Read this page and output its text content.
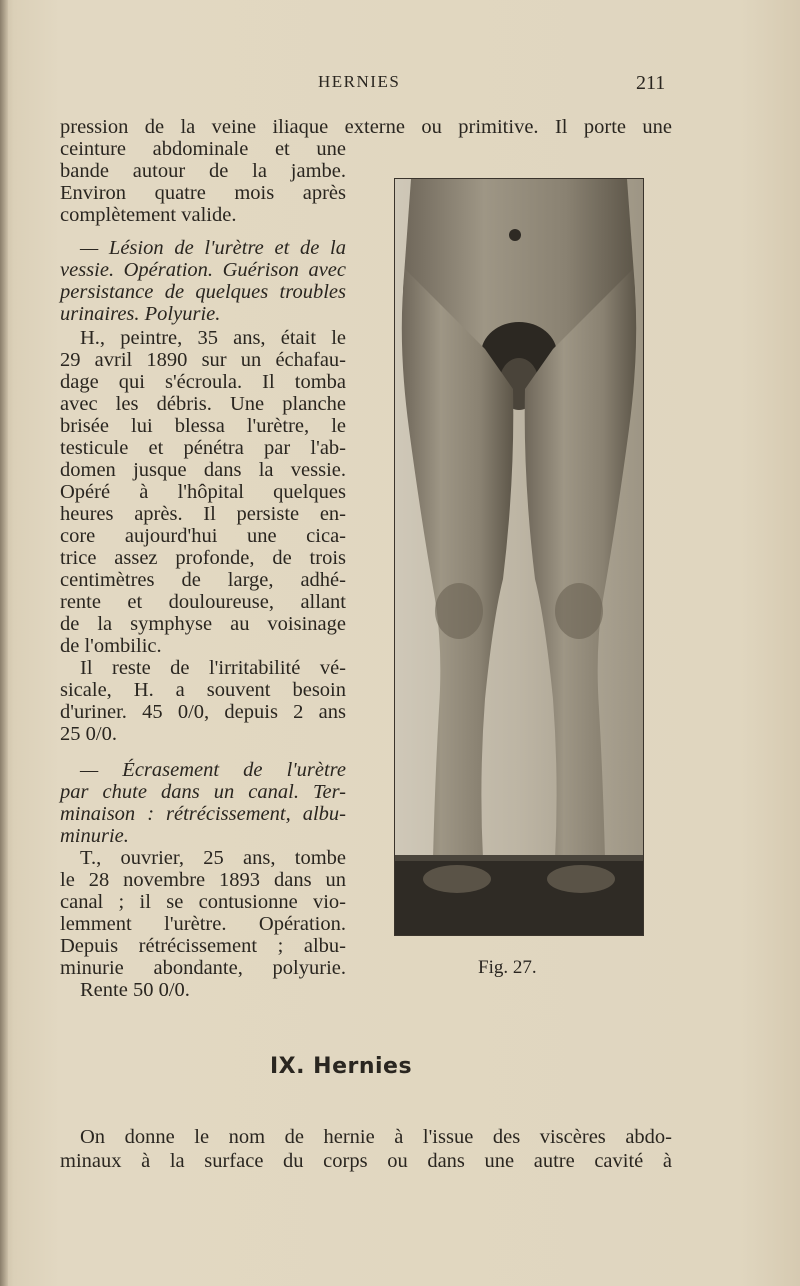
HERNIES	211
pression de la veine iliaque externe ou primitive. Il porte une
ceinture abdominale et une
bande autour de la jambe.
Environ quatre mois après
complètement valide.
— Lésion de l'urètre et de la
vessie. Opération. Guérison avec
persistance de quelques troubles
urinaires. Polyurie.
H., peintre, 35 ans, était le
29 avril 1890 sur un échafau-
dage qui s'écroula. Il tomba
avec les débris. Une planche
brisée lui blessa l'urètre, le
testicule et pénétra par l'ab-
domen jusque dans la vessie.
Opéré à l'hôpital quelques
heures après. Il persiste en-
core aujourd'hui une cica-
trice assez profonde, de trois
centimètres de large, adhé-
rente et douloureuse, allant
de la symphyse au voisinage
de l'ombilic.
Il reste de l'irritabilité vé-
sicale, H. a souvent besoin
d'uriner. 45 0/0, depuis 2 ans
25 0/0.
— Écrasement de l'urètre
par chute dans un canal. Ter-
minaison : rétrécissement, albu-
minurie.
T., ouvrier, 25 ans, tombe
le 28 novembre 1893 dans un
canal ; il se contusionne vio-
lemment l'urètre. Opération.
Depuis rétrécissement ; albu-
minurie abondante, polyurie.
Rente 50 0/0.
Fig. 27.
IX. Hernies
On donne le nom de hernie à l'issue des viscères abdo-
minaux à la surface du corps ou dans une autre cavité à
